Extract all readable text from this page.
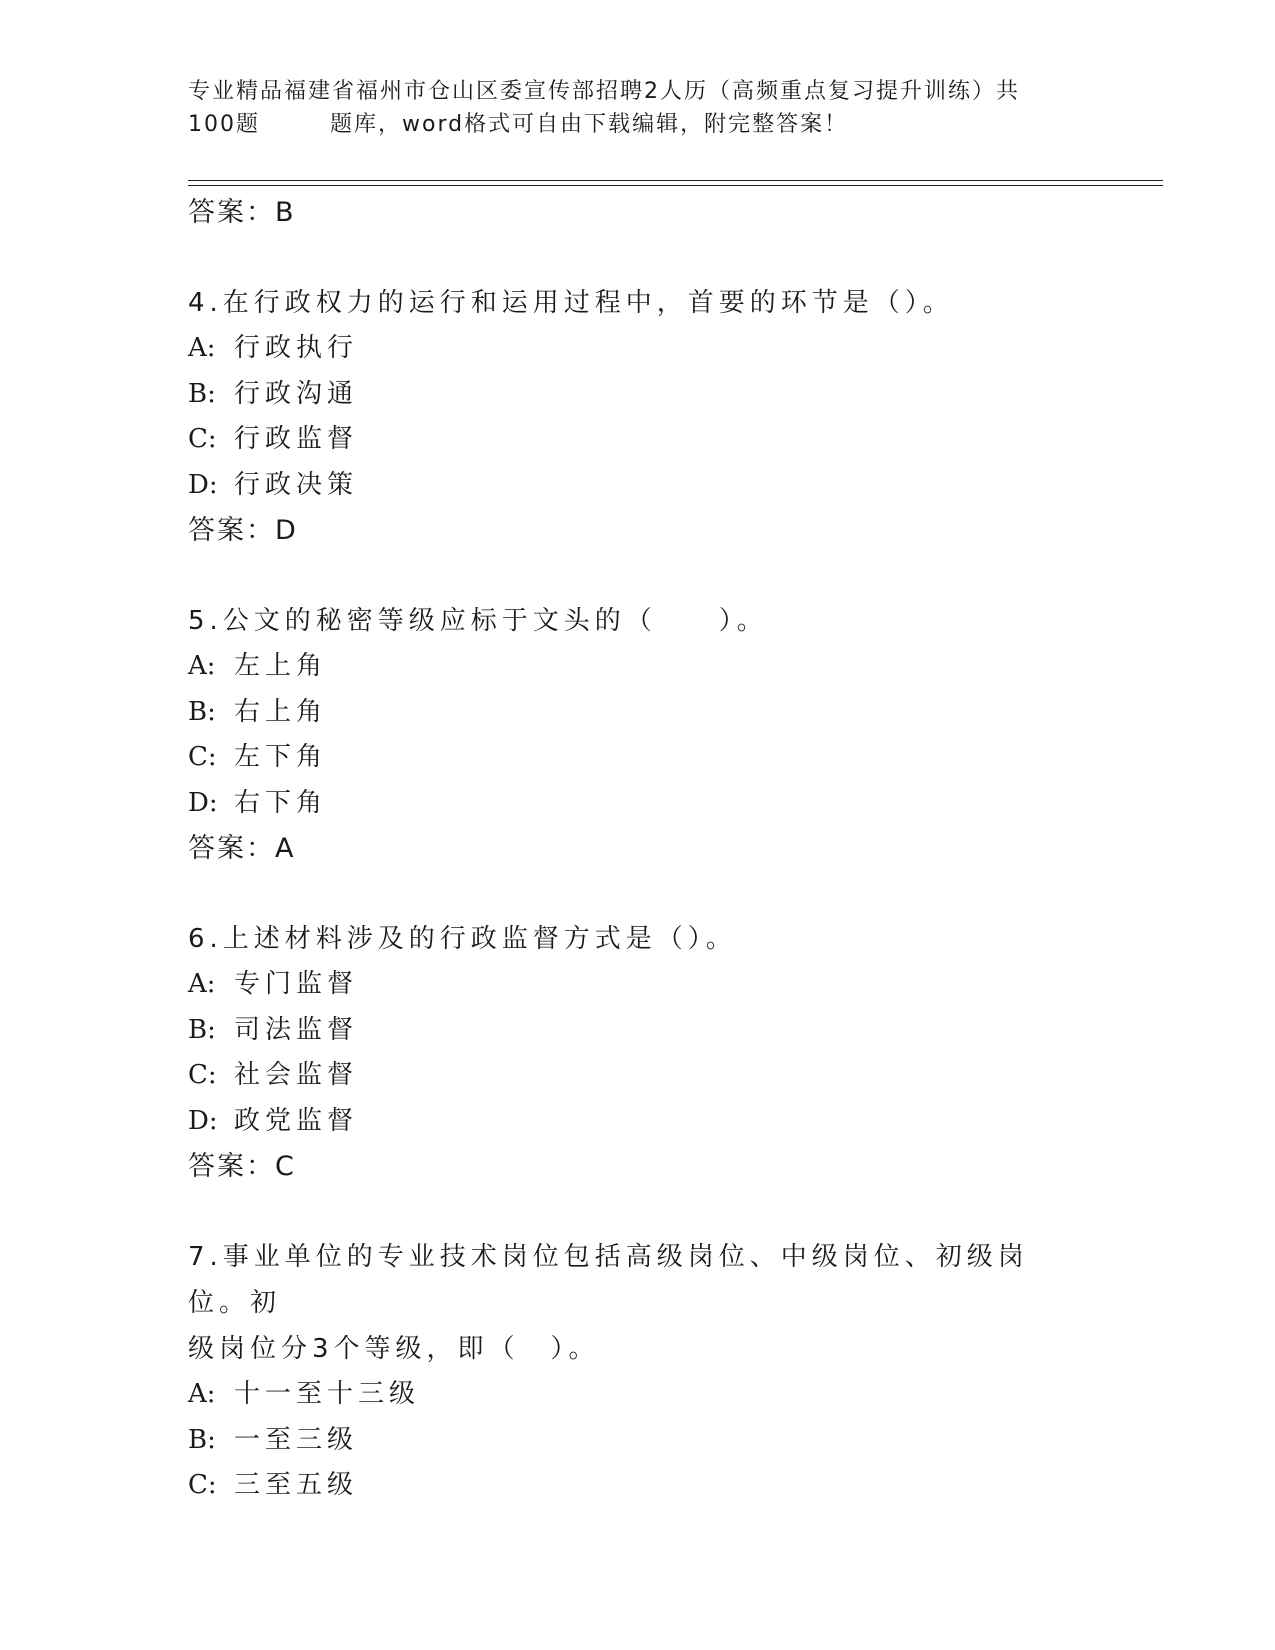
专业精品福建省福州市仓山区委宣传部招聘2人历（高频重点复习提升训练）共
100题	题库，word格式可自由下载编辑，附完整答案！
答案：B
4.在行政权力的运行和运用过程中，首要的环节是（）。
A: 行政执行
B: 行政沟通
C: 行政监督
D: 行政决策
答案：D
5.公文的秘密等级应标于文头的（　　）。
A: 左上角
B: 右上角
C: 左下角
D: 右下角
答案：A
6.上述材料涉及的行政监督方式是（）。
A: 专门监督
B: 司法监督
C: 社会监督
D: 政党监督
答案：C
7.事业单位的专业技术岗位包括高级岗位、中级岗位、初级岗位。初
级岗位分3个等级，即（　）。
A: 十一至十三级
B: 一至三级
C: 三至五级
